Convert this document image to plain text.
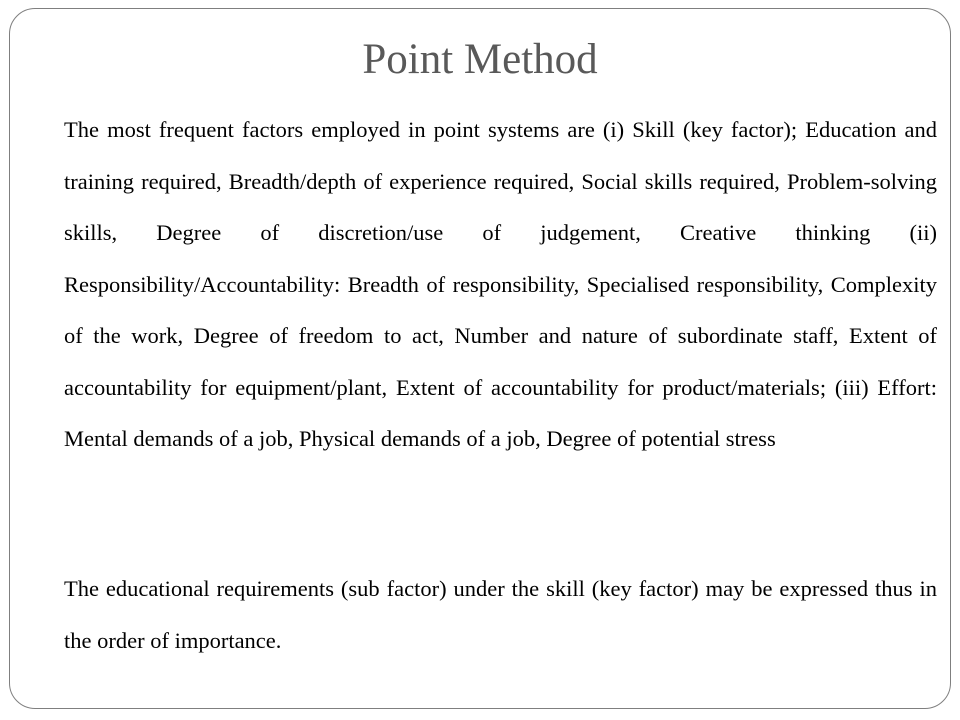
Point Method

The most frequent factors employed in point systems are (i) Skill (key factor); Education and training required, Breadth/depth of experience required, Social skills required, Problem-solving skills, Degree of discretion/use of judgement, Creative thinking (ii) Responsibility/Accountability: Breadth of responsibility, Specialised responsibility, Complexity of the work, Degree of freedom to act, Number and nature of subordinate staff, Extent of accountability for equipment/plant, Extent of accountability for product/materials; (iii) Effort: Mental demands of a job, Physical demands of a job, Degree of potential stress

The educational requirements (sub factor) under the skill (key factor) may be expressed thus in the order of importance.
